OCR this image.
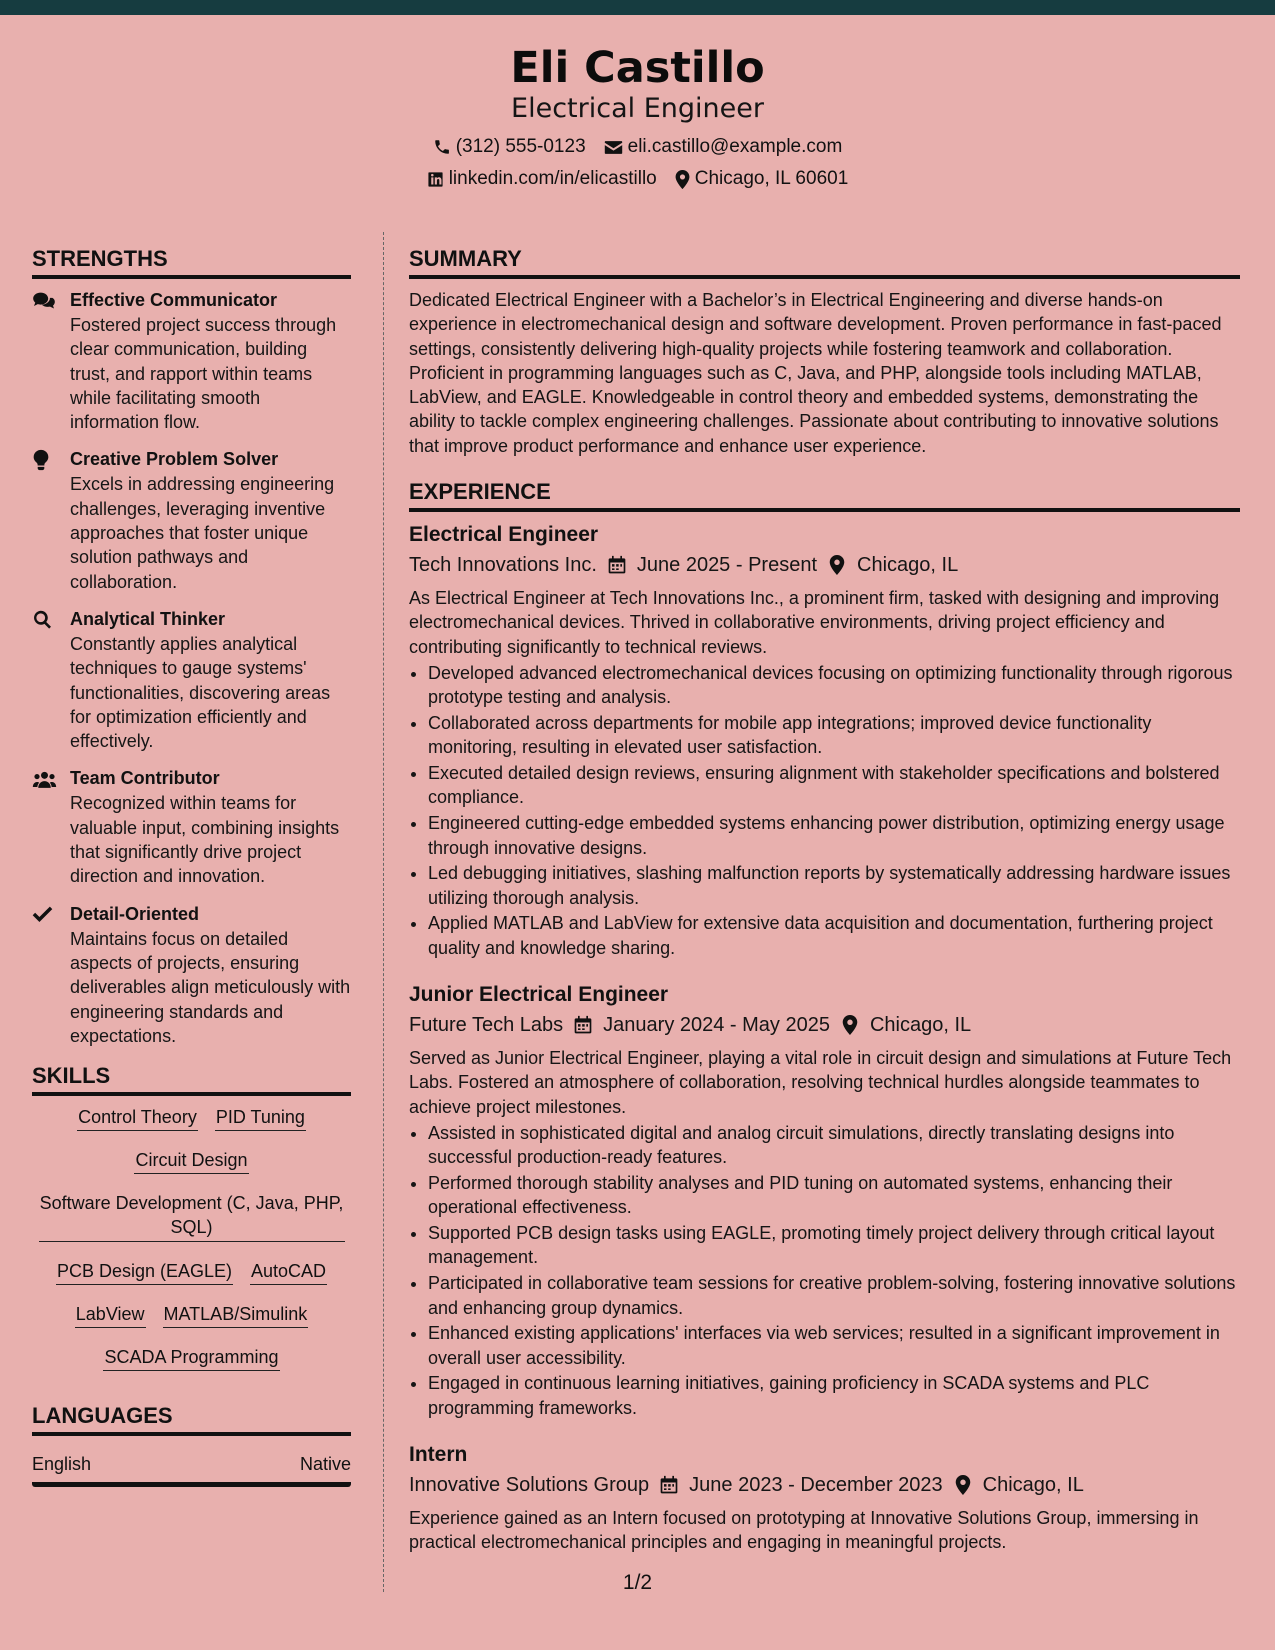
Eli Castillo
Electrical Engineer
(312) 555-0123 eli.castillo@example.com
linkedin.com/in/elicastillo Chicago, IL 60601
STRENGTHS
Effective Communicator
Fostered project success through clear communication, building trust, and rapport within teams while facilitating smooth information flow.
Creative Problem Solver
Excels in addressing engineering challenges, leveraging inventive approaches that foster unique solution pathways and collaboration.
Analytical Thinker
Constantly applies analytical techniques to gauge systems' functionalities, discovering areas for optimization efficiently and effectively.
Team Contributor
Recognized within teams for valuable input, combining insights that significantly drive project direction and innovation.
Detail-Oriented
Maintains focus on detailed aspects of projects, ensuring deliverables align meticulously with engineering standards and expectations.
SKILLS
Control Theory PID Tuning
Circuit Design
Software Development (C, Java, PHP, SQL)
PCB Design (EAGLE) AutoCAD
LabView MATLAB/Simulink
SCADA Programming
LANGUAGES
English	Native
SUMMARY

Dedicated Electrical Engineer with a Bachelor’s in Electrical Engineering and diverse hands-on experience in electromechanical design and software development. Proven performance in fast-paced settings, consistently delivering high-quality projects while fostering teamwork and collaboration. Proficient in programming languages such as C, Java, and PHP, alongside tools including MATLAB, LabView, and EAGLE. Knowledgeable in control theory and embedded systems, demonstrating the ability to tackle complex engineering challenges. Passionate about contributing to innovative solutions that improve product performance and enhance user experience.

EXPERIENCE
Electrical Engineer
Tech Innovations Inc. June 2025 - Present Chicago, IL
As Electrical Engineer at Tech Innovations Inc., a prominent firm, tasked with designing and improving electromechanical devices. Thrived in collaborative environments, driving project efficiency and contributing significantly to technical reviews.
• Developed advanced electromechanical devices focusing on optimizing functionality through rigorous prototype testing and analysis.
• Collaborated across departments for mobile app integrations; improved device functionality monitoring, resulting in elevated user satisfaction.
• Executed detailed design reviews, ensuring alignment with stakeholder specifications and bolstered compliance.
• Engineered cutting-edge embedded systems enhancing power distribution, optimizing energy usage through innovative designs.
• Led debugging initiatives, slashing malfunction reports by systematically addressing hardware issues utilizing thorough analysis.
• Applied MATLAB and LabView for extensive data acquisition and documentation, furthering project quality and knowledge sharing.
Junior Electrical Engineer
Future Tech Labs January 2024 - May 2025 Chicago, IL
Served as Junior Electrical Engineer, playing a vital role in circuit design and simulations at Future Tech Labs. Fostered an atmosphere of collaboration, resolving technical hurdles alongside teammates to achieve project milestones.
• Assisted in sophisticated digital and analog circuit simulations, directly translating designs into successful production-ready features.
• Performed thorough stability analyses and PID tuning on automated systems, enhancing their operational effectiveness.
• Supported PCB design tasks using EAGLE, promoting timely project delivery through critical layout management.
• Participated in collaborative team sessions for creative problem-solving, fostering innovative solutions and enhancing group dynamics.
• Enhanced existing applications' interfaces via web services; resulted in a significant improvement in overall user accessibility.
• Engaged in continuous learning initiatives, gaining proficiency in SCADA systems and PLC programming frameworks.
Intern
Innovative Solutions Group June 2023 - December 2023 Chicago, IL
Experience gained as an Intern focused on prototyping at Innovative Solutions Group, immersing in practical electromechanical principles and engaging in meaningful projects.
1/2
